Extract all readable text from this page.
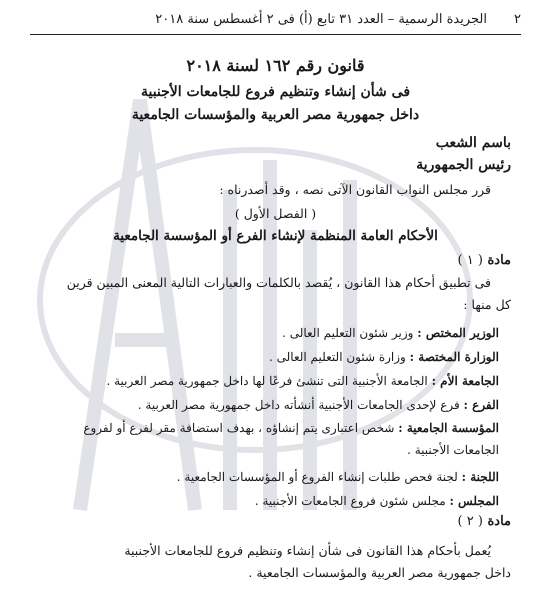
٢
الجريدة الرسمية – العدد ٣١ تابع (أ) فى ٢ أغسطس سنة ٢٠١٨
قانون رقم ١٦٢ لسنة ٢٠١٨
فى شأن إنشاء وتنظيم فروع للجامعات الأجنبية
داخل جمهورية مصر العربية والمؤسسات الجامعية
باسم الشعب
رئيس الجمهورية
قرر مجلس النواب القانون الآتى نصه ، وقد أصدرناه :
( الفصل الأول )
الأحكام العامة المنظمة لإنشاء الفرع أو المؤسسة الجامعية
مادة ( ١ )
فى تطبيق أحكام هذا القانون ، يُقصد بالكلمات والعبارات التالية المعنى المبين قرين
كل منها :
الوزير المختص : وزير شئون التعليم العالى .
الوزارة المختصة : وزارة شئون التعليم العالى .
الجامعة الأم : الجامعة الأجنبية التى تنشئ فرعًا لها داخل جمهورية مصر العربية .
الفرع : فرع لإحدى الجامعات الأجنبية أنشأته داخل جمهورية مصر العربية .
المؤسسة الجامعية : شخص اعتبارى يتم إنشاؤه ، بهدف استضافة مقر لفرع أو لفروع الجامعات الأجنبية .
اللجنة : لجنة فحص طلبات إنشاء الفروع أو المؤسسات الجامعية .
المجلس : مجلس شئون فروع الجامعات الأجنبية .
مادة ( ٢ )
يُعمل بأحكام هذا القانون فى شأن إنشاء وتنظيم فروع للجامعات الأجنبية
داخل جمهورية مصر العربية والمؤسسات الجامعية .
